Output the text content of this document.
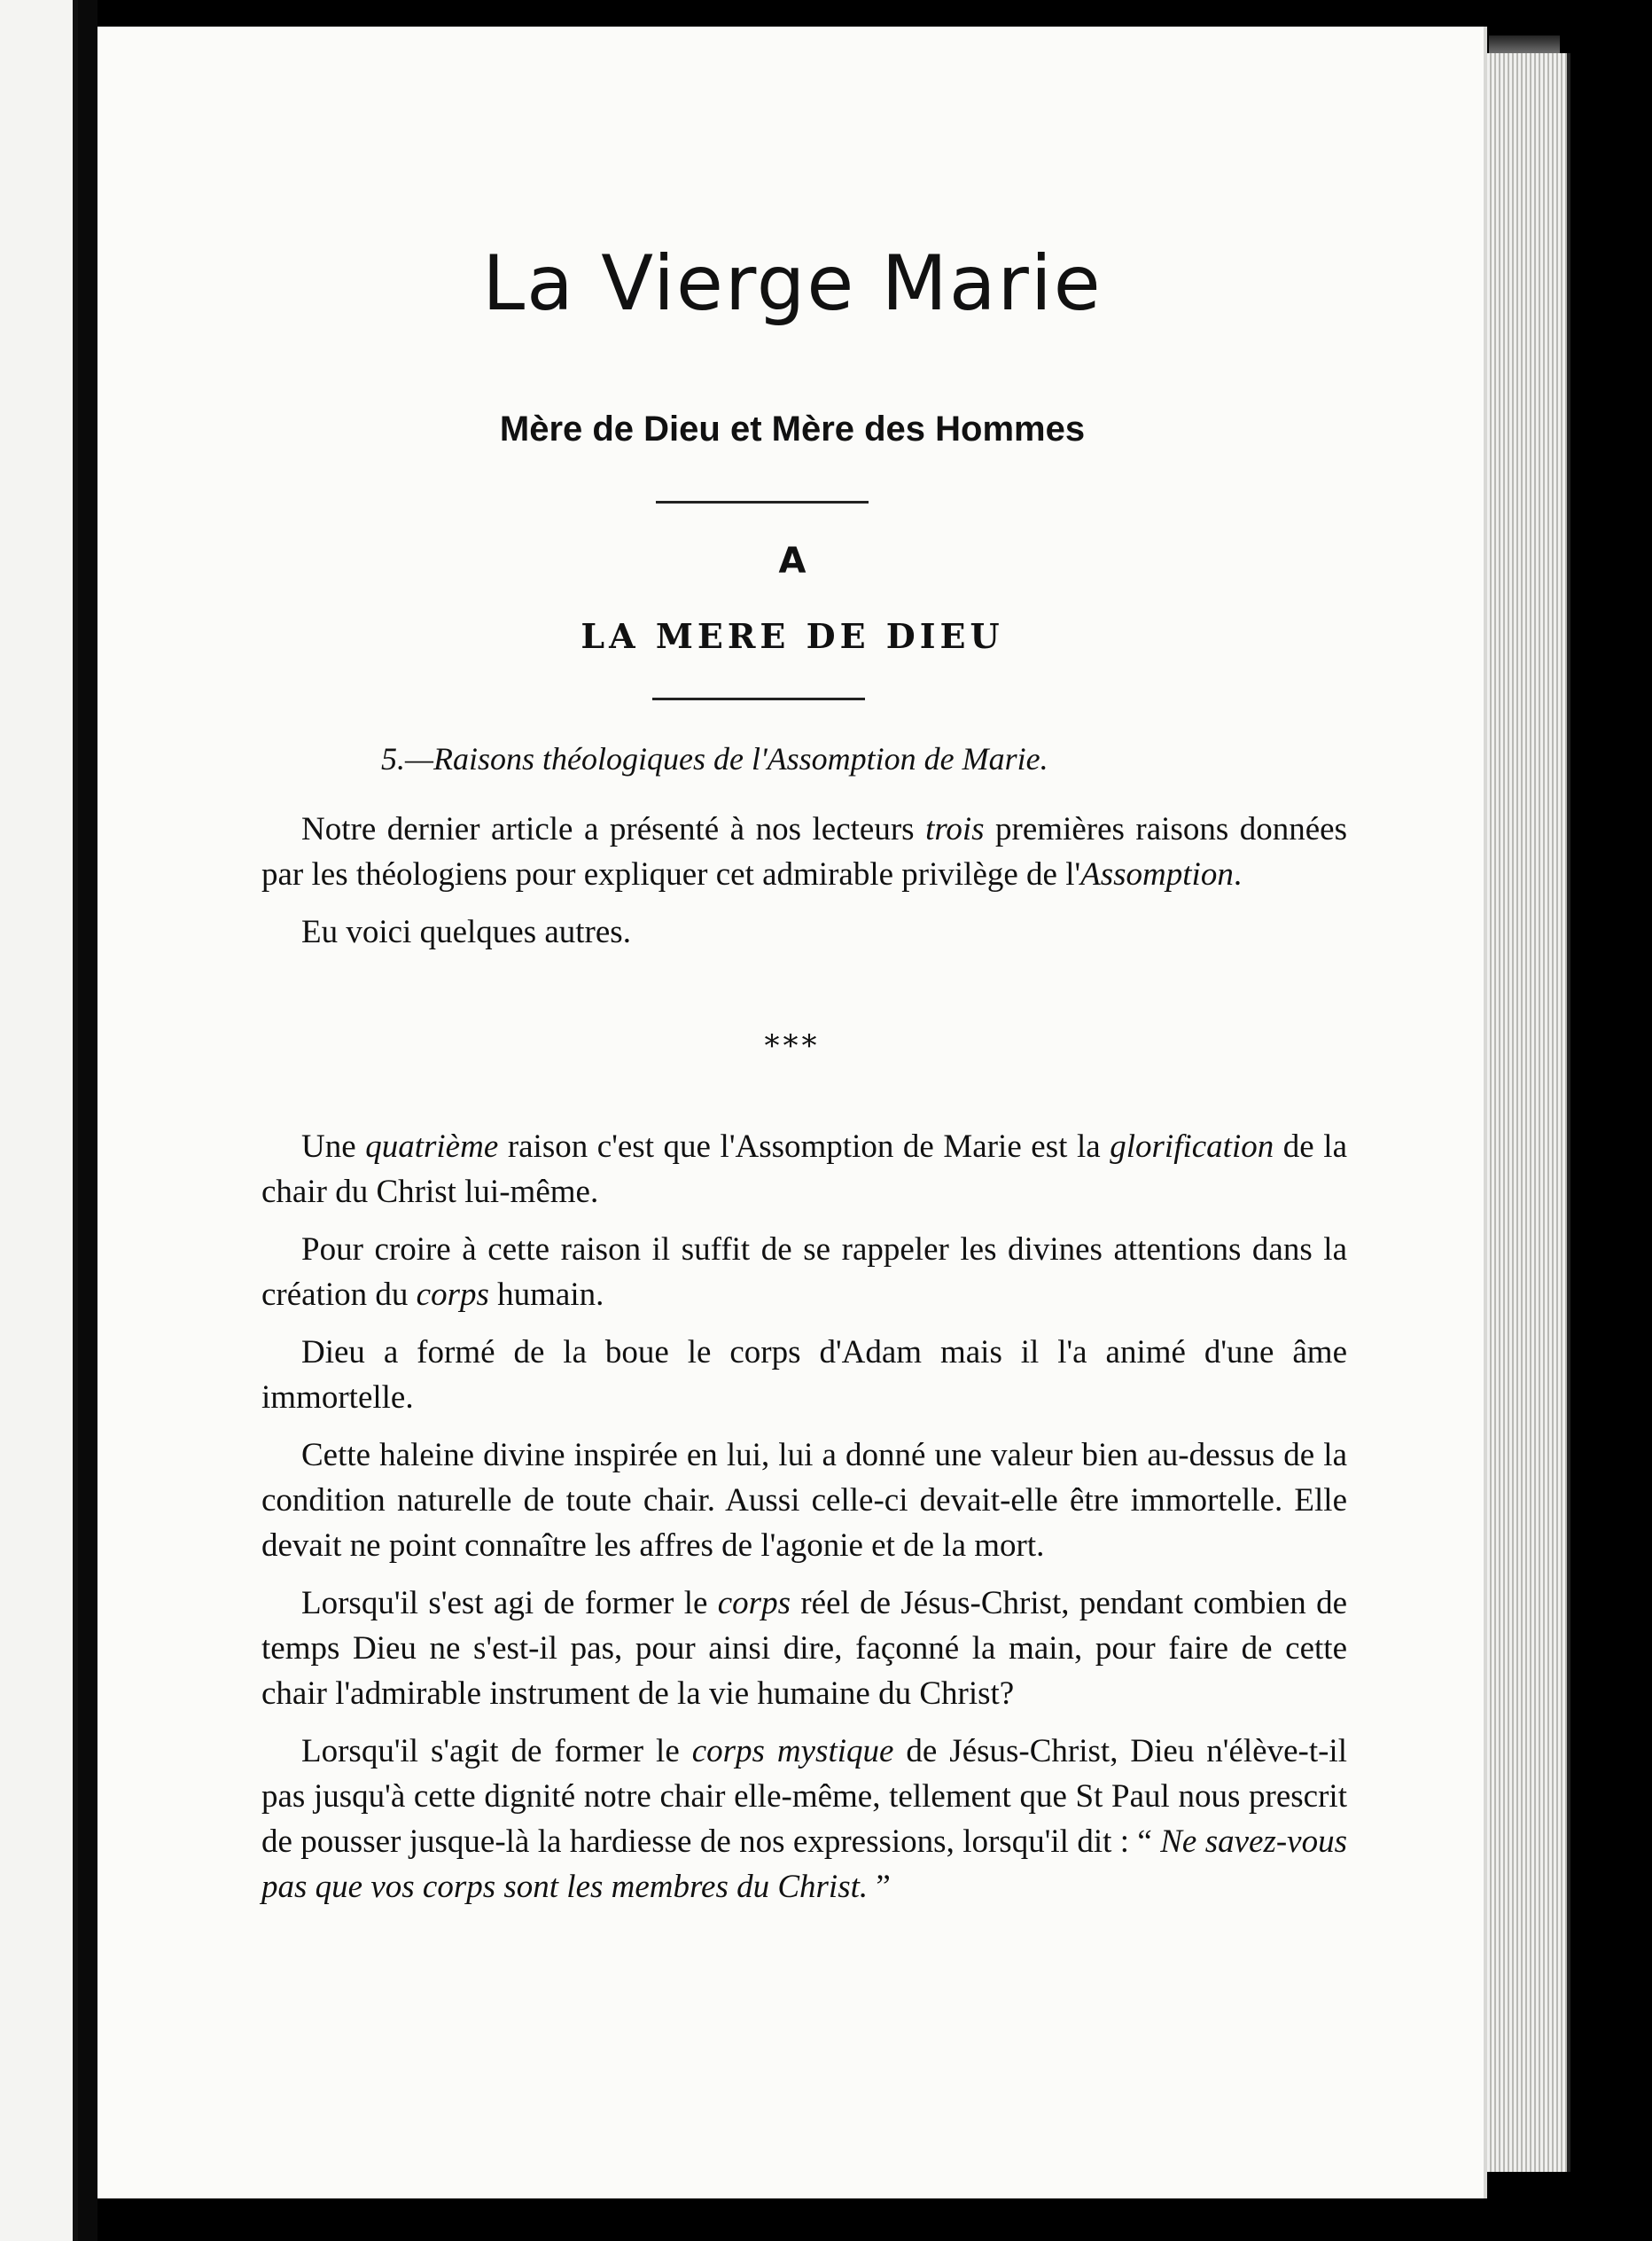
La Vierge Marie
Mère de Dieu et Mère des Hommes
A
LA MERE DE DIEU
5.—Raisons théologiques de l'Assomption de Marie.

Notre dernier article a présenté à nos lecteurs trois premières raisons données par les théologiens pour expliquer cet admirable privilège de l'Assomption.

Eu voici quelques autres.

***

Une quatrième raison c'est que l'Assomption de Marie est la glorification de la chair du Christ lui-même.

Pour croire à cette raison il suffit de se rappeler les divines attentions dans la création du corps humain.

Dieu a formé de la boue le corps d'Adam mais il l'a animé d'une âme immortelle.

Cette haleine divine inspirée en lui, lui a donné une valeur bien au-dessus de la condition naturelle de toute chair. Aussi celle-ci devait-elle être immortelle. Elle devait ne point connaître les affres de l'agonie et de la mort.

Lorsqu'il s'est agi de former le corps réel de Jésus-Christ, pendant combien de temps Dieu ne s'est-il pas, pour ainsi dire, façonné la main, pour faire de cette chair l'admirable instrument de la vie humaine du Christ?

Lorsqu'il s'agit de former le corps mystique de Jésus-Christ, Dieu n'élève-t-il pas jusqu'à cette dignité notre chair elle-même, tellement que St Paul nous prescrit de pousser jusque-là la hardiesse de nos expressions, lorsqu'il dit : “ Ne savez-vous pas que vos corps sont les membres du Christ. ”
